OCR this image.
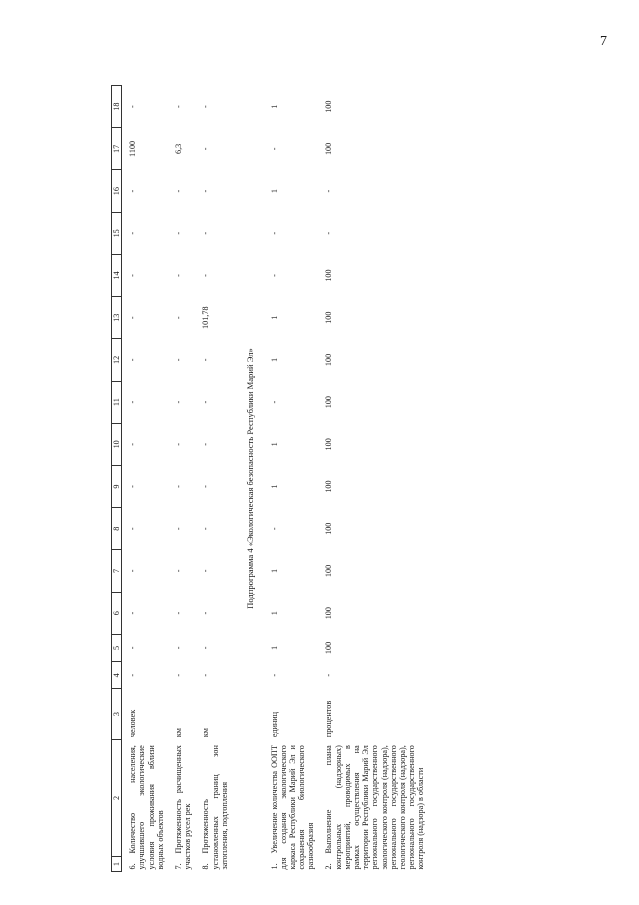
7
1	2	3	4	5	6	7	8	9	10	11	12	13	14	15	16	17	18
6.Количество населения, улучшившего экологические условия проживания вблизи водных объектов		человек	-	-	-	-	-	-	-	-	-	-	-	-	-	1100	-
7.Протяженность расчищенных участков русел рек		км	-	-	-	-	-	-	-	-	-	-	-	-	-	6,3	-
8.Протяженность установленных границ зон затопления, подтопления		км	-	-	-	-	-	-	-	-	-	101,78	-	-	-	-	-
Подпрограмма 4 «Экологическая безопасность Республики Марий Эл»																	
1.Увеличение количества ООПТ для создания экологического каркаса Республики Марий Эл и сохранения биологического разнообразия		единиц	-	1	1	1	-	1	1	-	1	1	-	-	1	-	1
2.Выполнение плана контрольных (надзорных) мероприятий, проводимых в рамках осуществления на территории Республики Марий Эл регионального государственного экологического контроля (надзора), регионального государственного геологического контроля (надзора), регионального государственного контроля (надзора) в области		процентов	-	100	100	100	100	100	100	100	100	100	100	-	-	100	100
